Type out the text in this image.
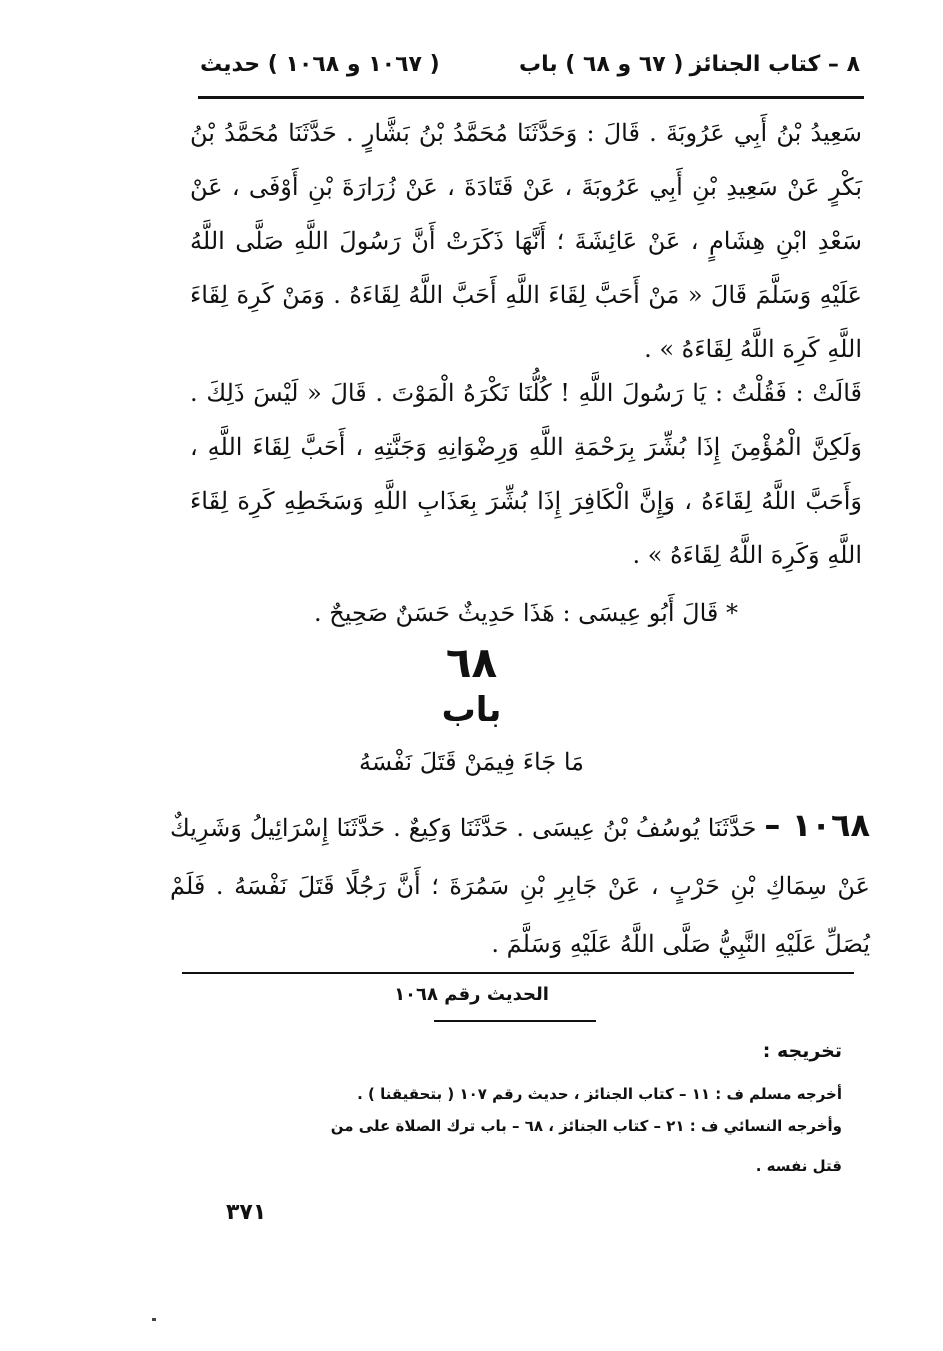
٨ – كتاب الجنائز
( ٦٧ و ٦٨ ) باب  ( ١٠٦٧ و ١٠٦٨ ) حديث
سَعِيدُ بْنُ أَبِي عَرُوبَةَ . قَالَ : وَحَدَّثَنَا مُحَمَّدُ بْنُ بَشَّارٍ . حَدَّثَنَا مُحَمَّدُ بْنُ بَكْرٍ عَنْ سَعِيدِ بْنِ أَبِي عَرُوبَةَ ، عَنْ قَتَادَةَ ، عَنْ زُرَارَةَ بْنِ أَوْفَى ، عَنْ سَعْدِ ابْنِ هِشَامٍ ، عَنْ عَائِشَةَ ؛ أَنَّهَا ذَكَرَتْ أَنَّ رَسُولَ اللَّهِ صَلَّى اللَّهُ عَلَيْهِ وَسَلَّمَ قَالَ « مَنْ أَحَبَّ لِقَاءَ اللَّهِ أَحَبَّ اللَّهُ لِقَاءَهُ . وَمَنْ كَرِهَ لِقَاءَ اللَّهِ كَرِهَ اللَّهُ لِقَاءَهُ » .
قَالَتْ : فَقُلْتُ : يَا رَسُولَ اللَّهِ ! كُلُّنَا نَكْرَهُ الْمَوْتَ . قَالَ « لَيْسَ ذَلِكَ . وَلَكِنَّ الْمُؤْمِنَ إِذَا بُشِّرَ بِرَحْمَةِ اللَّهِ وَرِضْوَانِهِ وَجَنَّتِهِ ، أَحَبَّ لِقَاءَ اللَّهِ ، وَأَحَبَّ اللَّهُ لِقَاءَهُ ، وَإِنَّ الْكَافِرَ إِذَا بُشِّرَ بِعَذَابِ اللَّهِ وَسَخَطِهِ كَرِهَ لِقَاءَ اللَّهِ وَكَرِهَ اللَّهُ لِقَاءَهُ » .
* قَالَ أَبُو عِيسَى : هَذَا حَدِيثٌ حَسَنٌ صَحِيحٌ .
٦٨
باب
مَا جَاءَ فِيمَنْ قَتَلَ نَفْسَهُ
١٠٦٨ – حَدَّثَنَا يُوسُفُ بْنُ عِيسَى . حَدَّثَنَا وَكِيعٌ . حَدَّثَنَا إِسْرَائِيلُ وَشَرِيكٌ عَنْ سِمَاكِ بْنِ حَرْبٍ ، عَنْ جَابِرِ بْنِ سَمُرَةَ ؛ أَنَّ رَجُلًا قَتَلَ نَفْسَهُ . فَلَمْ يُصَلِّ عَلَيْهِ النَّبِيُّ صَلَّى اللَّهُ عَلَيْهِ وَسَلَّمَ .
الحديث رقم ١٠٦٨
تخريجه :
أخرجه مسلم ف : ١١ – كتاب الجنائز ، حديث رقم ١٠٧ ( بتحقيقنا ) .
وأخرجه النسائي ف : ٢١ – كتاب الجنائز ، ٦٨ – باب ترك الصلاة على من
قتل نفسه .
٣٧١
